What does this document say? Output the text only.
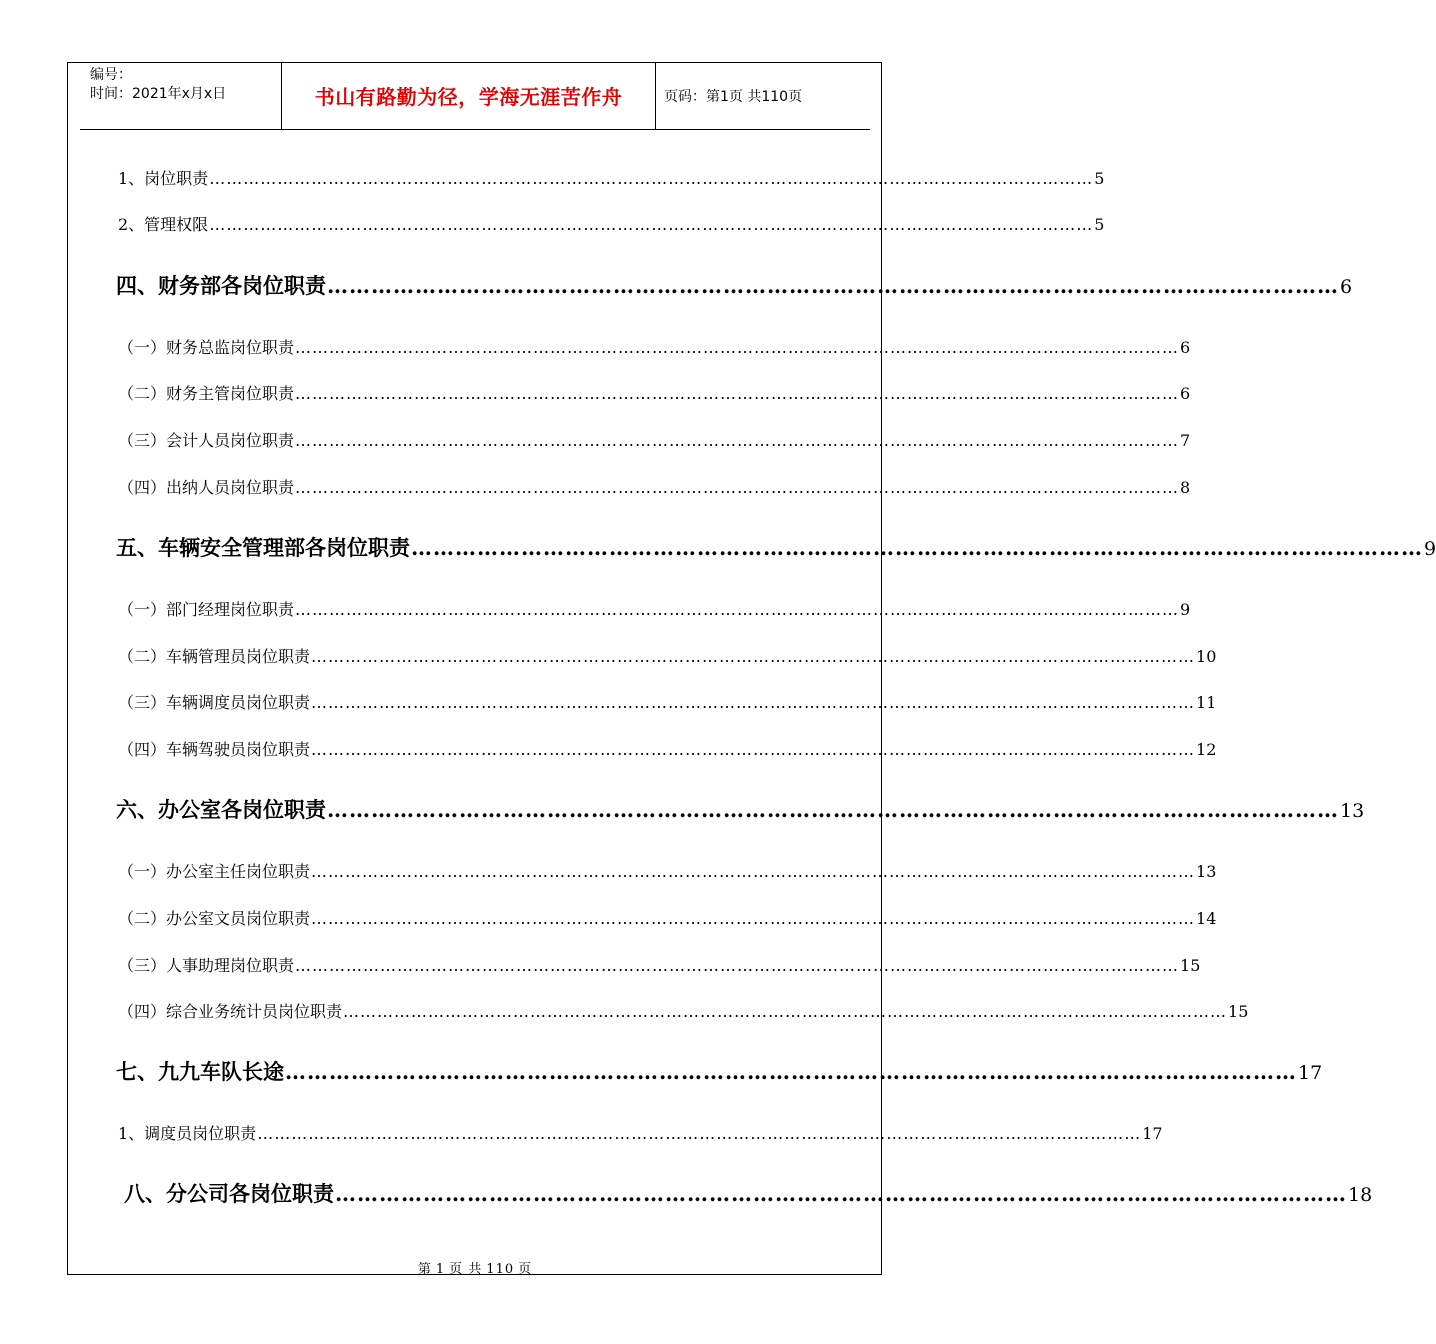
编号：
时间：2021年x月x日	书山有路勤为径，学海无涯苦作舟	页码：第1页 共110页
1、岗位职责 ………………………………………………………………………………………………………………………………………… 5
2、管理权限 ………………………………………………………………………………………………………………………………………… 5
四、财务部各岗位职责 ………………………………………………………………………………………………………………………… 6
（一）财务总监岗位职责 ………………………………………………………………………………………………………………………………………… 6
（二）财务主管岗位职责 ………………………………………………………………………………………………………………………………………… 6
（三）会计人员岗位职责 ………………………………………………………………………………………………………………………………………… 7
（四）出纳人员岗位职责 ………………………………………………………………………………………………………………………………………… 8
五、车辆安全管理部各岗位职责 ………………………………………………………………………………………………………………………… 9
（一）部门经理岗位职责 ………………………………………………………………………………………………………………………………………… 9
（二）车辆管理员岗位职责 ………………………………………………………………………………………………………………………………………… 10
（三）车辆调度员岗位职责 ………………………………………………………………………………………………………………………………………… 11
（四）车辆驾驶员岗位职责 ………………………………………………………………………………………………………………………………………… 12
六、办公室各岗位职责 ………………………………………………………………………………………………………………………… 13
（一）办公室主任岗位职责 ………………………………………………………………………………………………………………………………………… 13
（二）办公室文员岗位职责 ………………………………………………………………………………………………………………………………………… 14
（三）人事助理岗位职责 ………………………………………………………………………………………………………………………………………… 15
（四）综合业务统计员岗位职责 ………………………………………………………………………………………………………………………………………… 15
七、九九车队长途 ………………………………………………………………………………………………………………………… 17
1、调度员岗位职责 ………………………………………………………………………………………………………………………………………… 17
八、分公司各岗位职责 ………………………………………………………………………………………………………………………… 18
第 1 页 共 110 页
